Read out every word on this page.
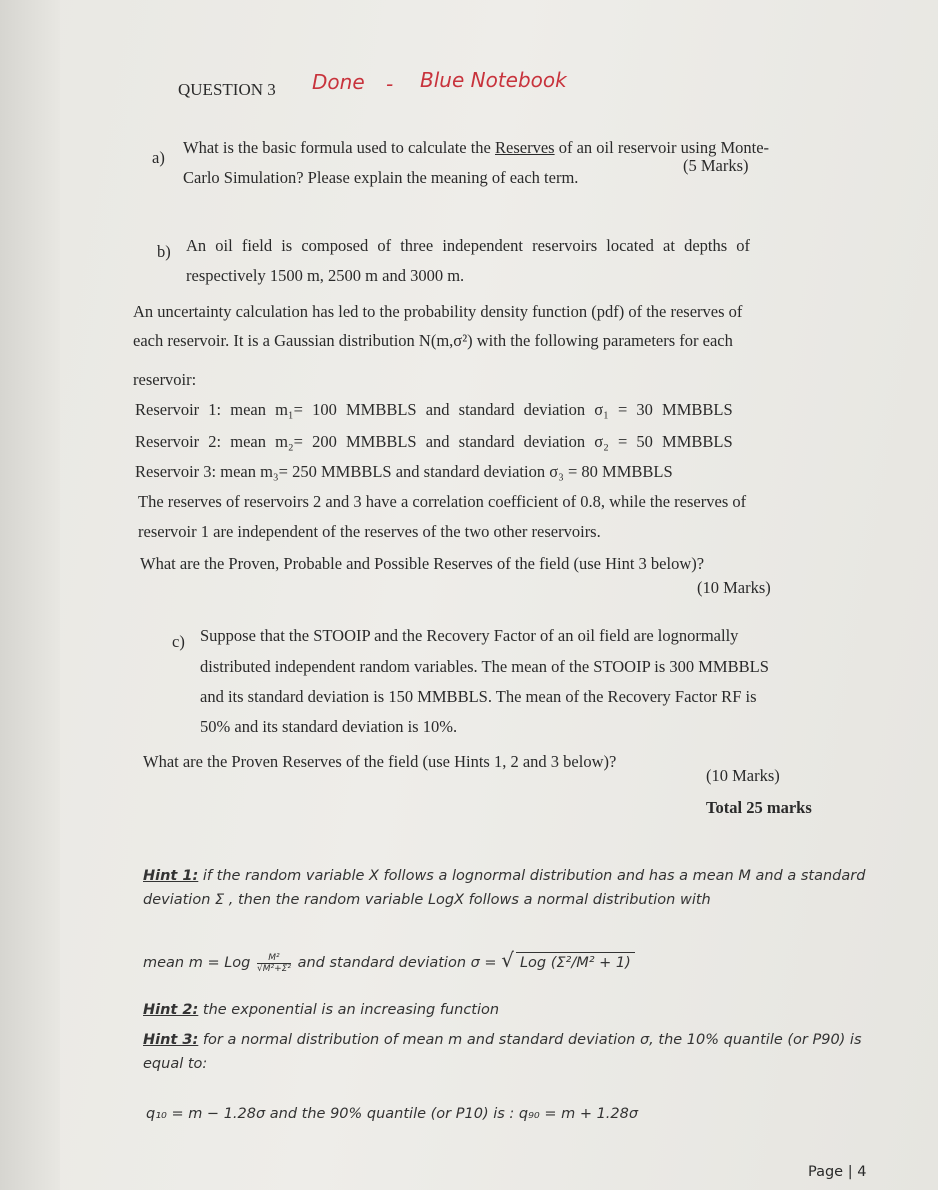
QUESTION 3 Done - Blue Notebook
a)
What is the basic formula used to calculate the Reserves of an oil reservoir using Monte-
Carlo Simulation? Please explain the meaning of each term.
(5 Marks)
b) An oil field is composed of three independent reservoirs located at depths of
respectively 1500 m, 2500 m and 3000 m.
An uncertainty calculation has led to the probability density function (pdf) of the reserves of
each reservoir. It is a Gaussian distribution N(m,σ²) with the following parameters for each
reservoir:
Reservoir 1: mean m₁= 100 MMBBLS and standard deviation σ₁ = 30 MMBBLS
Reservoir 2: mean m₂= 200 MMBBLS and standard deviation σ₂ = 50 MMBBLS
Reservoir 3: mean m₃= 250 MMBBLS and standard deviation σ₃ = 80 MMBBLS
The reserves of reservoirs 2 and 3 have a correlation coefficient of 0.8, while the reserves of
reservoir 1 are independent of the reserves of the two other reservoirs.
What are the Proven, Probable and Possible Reserves of the field (use Hint 3 below)?
(10 Marks)
c) Suppose that the STOOIP and the Recovery Factor of an oil field are lognormally
distributed independent random variables. The mean of the STOOIP is 300 MMBBLS
and its standard deviation is 150 MMBBLS. The mean of the Recovery Factor RF is
50% and its standard deviation is 10%.
What are the Proven Reserves of the field (use Hints 1, 2 and 3 below)?
(10 Marks)
Total 25 marks
Hint 1: if the random variable X follows a lognormal distribution and has a mean M and a standard
deviation Σ , then the random variable LogX follows a normal distribution with
mean m = Log $\frac{\text{M²}}{\text{√M²+Σ²}}$ and standard deviation σ = √ Log (Σ²/M² + 1)
Hint 2: the exponential is an increasing function
Hint 3: for a normal distribution of mean m and standard deviation σ, the 10% quantile (or P90) is
equal to:
q₁₀ = m − 1.28σ and the 90% quantile (or P10) is : q₉₀ = m + 1.28σ
Page | 4
